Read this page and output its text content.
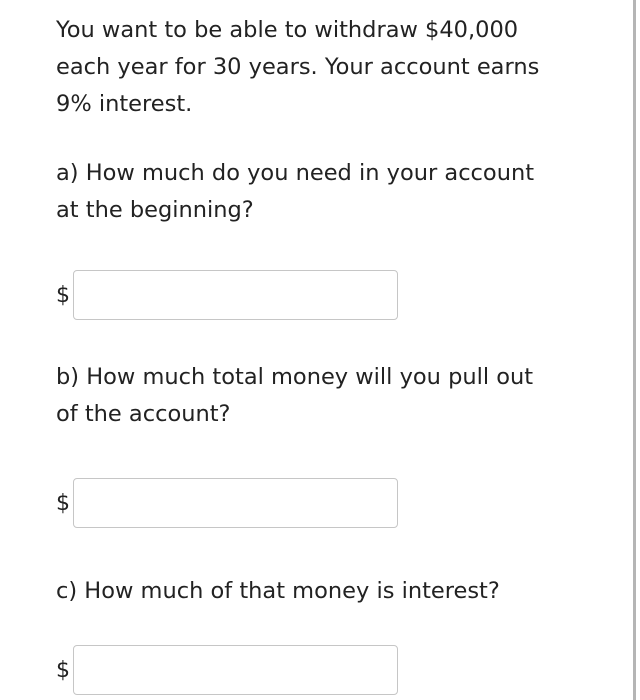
You want to be able to withdraw $40,000
each year for 30 years. Your account earns
9% interest.

a) How much do you need in your account
at the beginning?

$

b) How much total money will you pull out
of the account?

$

c) How much of that money is interest?

$
